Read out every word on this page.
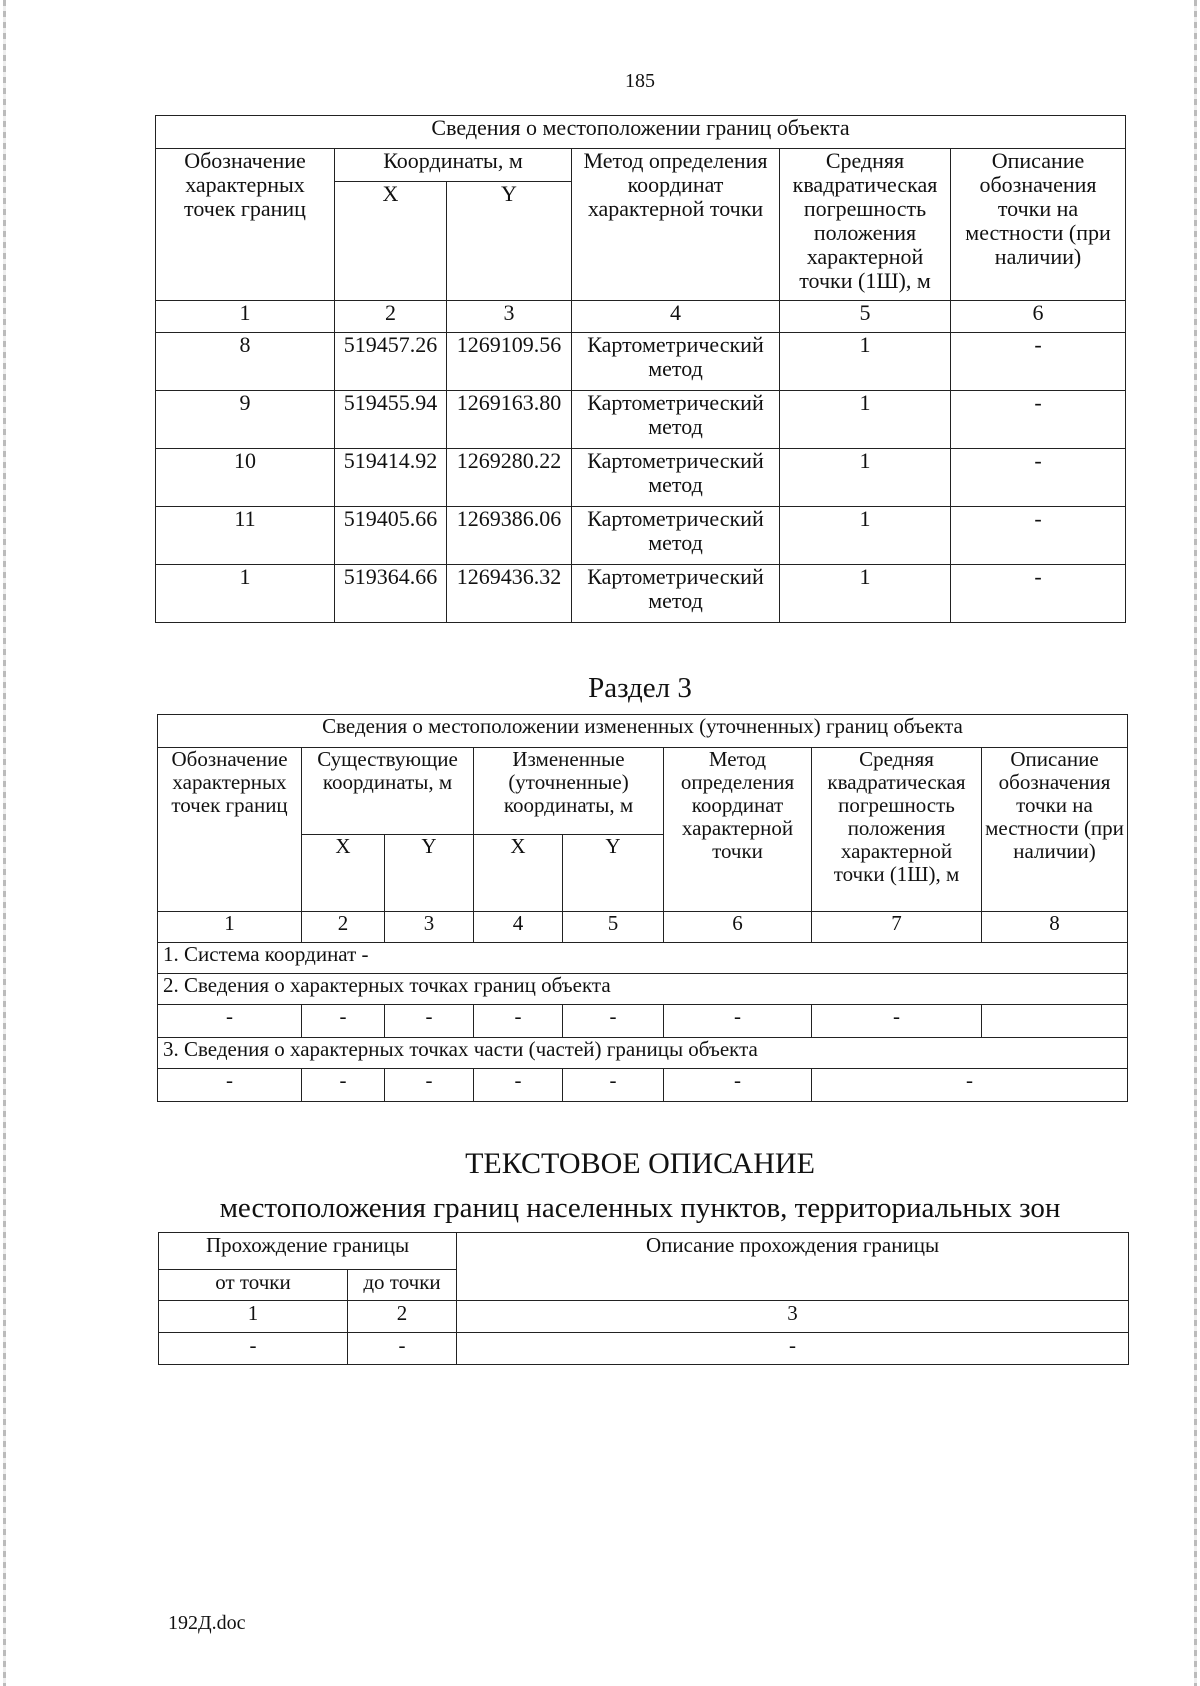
185
Сведения о местоположении границ объекта					
Обозначение характерных точек границ	Координаты, м		Метод определения координат характерной точки	Средняя квадратическая погрешность положения характерной точки (1Ш), м	Описание обозначения точки на местности (при наличии)
	X	Y			
1	2	3	4	5	6
8	519457.26	1269109.56	Картометрический метод	1	-
9	519455.94	1269163.80	Картометрический метод	1	-
10	519414.92	1269280.22	Картометрический метод	1	-
11	519405.66	1269386.06	Картометрический метод	1	-
1	519364.66	1269436.32	Картометрический метод	1	-
Раздел 3
Сведения о местоположении измененных (уточненных) границ объекта							
Обозначение характерных точек границ	Существующие координаты, м		Измененные (уточненные) координаты, м		Метод определения координат характерной точки	Средняя квадратическая погрешность положения характерной точки (1Ш), м	Описание обозначения точки на местности (при наличии)
	X	Y	X	Y			
1	2	3	4	5	6	7	8
1. Система координат -							
2. Сведения о характерных точках границ объекта							
-	-	-	-	-	-	-	
3. Сведения о характерных точках части (частей) границы объекта							
-	-	-	-	-	-	-	
ТЕКСТОВОЕ ОПИСАНИЕ
местоположения границ населенных пунктов, территориальных зон
Прохождение границы		Описание прохождения границы
от точки	до точки	
1	2	3
-	-	-
192Д.doc
